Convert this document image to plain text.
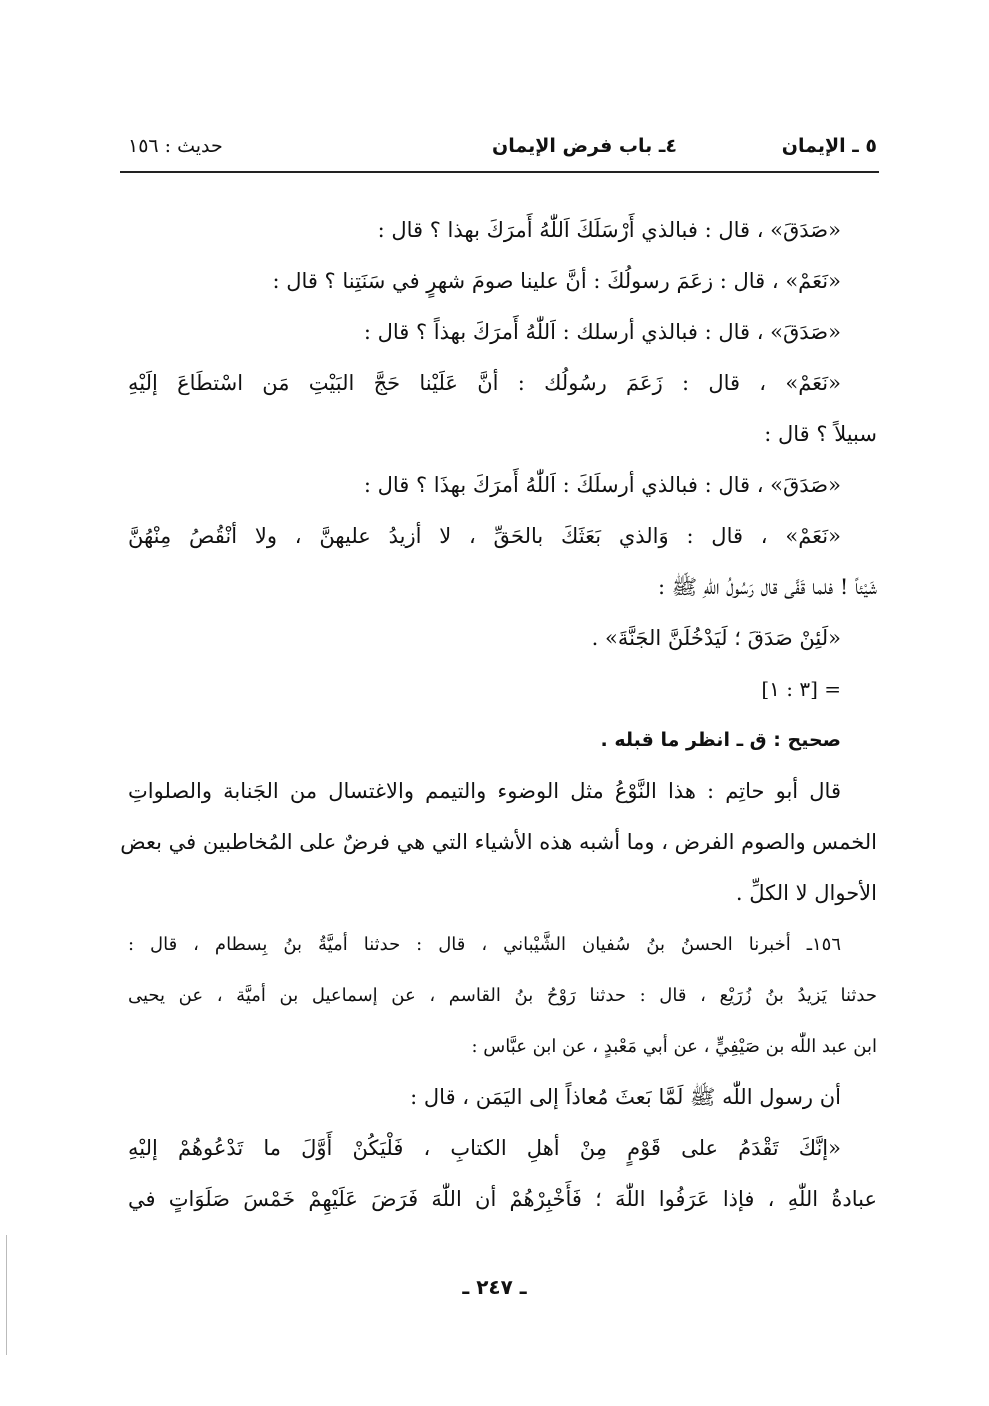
٥ ـ الإيمان
٤ـ باب فرض الإيمان
حديث : ١٥٦
«صَدَقَ» ، قال : فبالذي أَرْسَلَكَ اَللّٰهُ أَمرَكَ بهذا ؟ قال :
«نَعَمْ» ، قال : زعَمَ رسولُكَ : أنَّ علينا صومَ شهرٍ في سَنَتِنا ؟ قال :
«صَدَقَ» ، قال : فبالذي أرسلك : اَللّٰهُ أَمرَكَ بهذاً ؟ قال :
«نَعَمْ» ، قال : زَعَمَ رسُولُك : أنَّ عَلَيْنا حَجَّ البَيْتِ مَن اسْتطَاعَ إلَيْهِ
سبيلاً ؟ قال :
«صَدَقَ» ، قال : فبالذي أرسلَكَ : اَللّٰهُ أَمرَكَ بهذَا ؟ قال :
«نَعَمْ» ، قال : وَالذي بَعَثَكَ بالحَقِّ ، لا أزيدُ عليهنَّ ، ولا أنْقُصُ مِنْهُنَّ
شَيْئاً ! فلما قَفَّى قال رَسُولُ اللّٰهِ ﷺ :
«لَئِنْ صَدَقَ ؛ لَيَدْخُلَنَّ الجَنَّةَ» .
= [٣ : ١]
صحيح : ق ـ انظر ما قبله .
قال أبو حاتِم : هذا النَّوْعُ مثل الوضوء والتيمم والاغتسال من الجَنابة والصلواتِ
الخمس والصوم الفرض ، وما أشبه هذه الأشياء التي هي فرضٌ على المُخاطبين في بعض
الأحوال لا الكلِّ .
١٥٦ـ أخبرنا الحسنُ بنُ سُفيان الشَّيْباني ، قال : حدثنا أميَّةُ بنُ بِسطام ، قال :
حدثنا يَزيدُ بنُ زُرَيْع ، قال : حدثنا رَوْحُ بنُ القاسم ، عن إسماعيل بن أميَّة ، عن يحيى
ابن عبد اللّٰه بن صَيْفِيٍّ ، عن أبي مَعْبدٍ ، عن ابن عبَّاس :
أن رسول اللّٰه ﷺ لَمَّا بَعثَ مُعاذاً إلى اليَمَن ، قال :
«إنَّكَ تَقْدَمُ على قَوْمٍ مِنْ أهلِ الكتابِ ، فَلْيَكُنْ أَوَّلَ ما تَدْعُوهُمْ إليْهِ
عبادةُ اللّٰهِ ، فإذا عَرَفُوا اللّٰهَ ؛ فَأَخْبِرْهُمْ أن اللّٰهَ فَرَضَ عَلَيْهِمْ خَمْسَ صَلَوَاتٍ في
ـ ٢٤٧ ـ
